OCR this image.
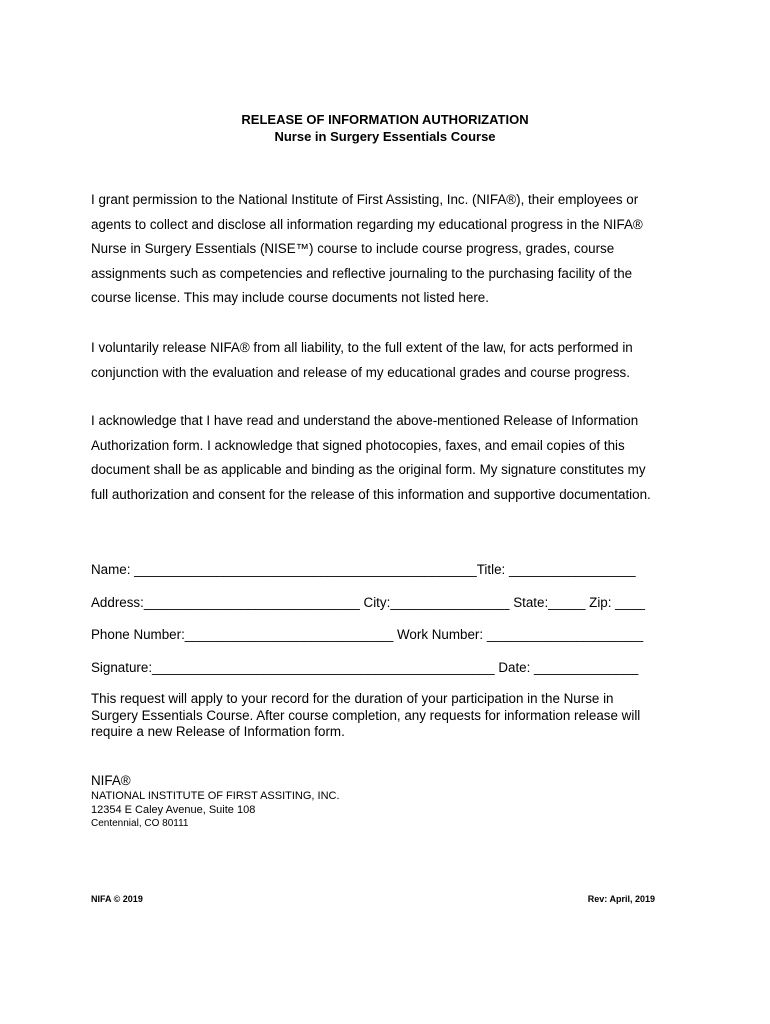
RELEASE OF INFORMATION AUTHORIZATION
Nurse in Surgery Essentials Course
I grant permission to the National Institute of First Assisting, Inc. (NIFA®), their employees or
agents to collect and disclose all information regarding my educational progress in the NIFA®
Nurse in Surgery Essentials (NISE™) course to include course progress, grades, course
assignments such as competencies and reflective journaling to the purchasing facility of the
course license. This may include course documents not listed here.
I voluntarily release NIFA® from all liability, to the full extent of the law, for acts performed in
conjunction with the evaluation and release of my educational grades and course progress.
I acknowledge that I have read and understand the above-mentioned Release of Information
Authorization form. I acknowledge that signed photocopies, faxes, and email copies of this
document shall be as applicable and binding as the original form. My signature constitutes my
full authorization and consent for the release of this information and supportive documentation.
Name: ______________________________________________Title: _________________
Address:_____________________________ City:________________ State:_____ Zip: ____
Phone Number:____________________________ Work Number: _____________________
Signature:______________________________________________ Date: ______________
This request will apply to your record for the duration of your participation in the Nurse in
Surgery Essentials Course. After course completion, any requests for information release will
require a new Release of Information form.
NIFA®
NATIONAL INSTITUTE OF FIRST ASSITING, INC.
12354 E Caley Avenue, Suite 108
Centennial, CO 80111
NIFA © 2019	Rev: April, 2019
